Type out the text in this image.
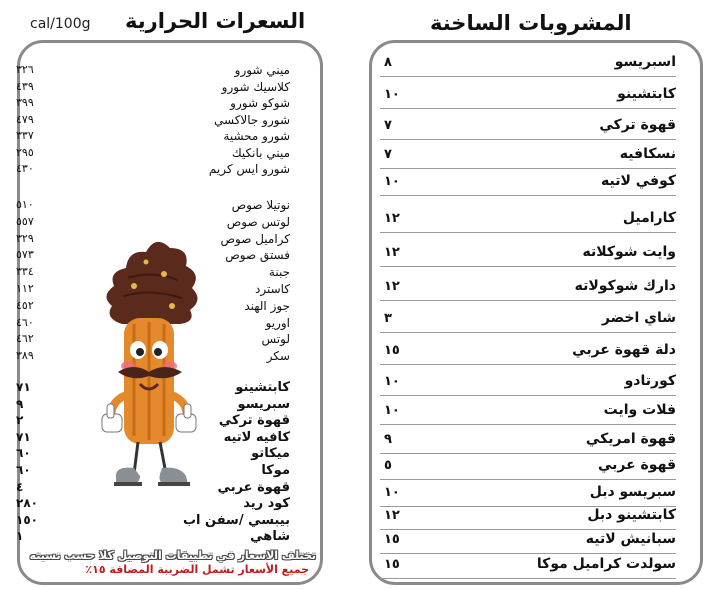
السعرات الحرارية
cal/100g	المشروبات الساخنة
٣٢٦	ميني شورو
٤٣٩	كلاسيك شورو
٣٩٩	شوكو شورو
٤٧٩	شورو جالاكسي
٣٣٧	شورو محشية
٢٩٥	ميني بانكيك
٤٣٠	شورو ايس كريم
٥١٠	نوتيلا صوص
٥٥٧	لوتس صوص
٣٢٩	كراميل صوص
٥٧٣	فستق صوص
٣٣٤	جبنة
١١٢	كاسترد
٤٥٢	جوز الهند
٤٦٠	اوريو
٤٦٢	لوتس
٣٨٩	سكر
٧١	كابتشينو
٩	سبريسو
٢	قهوة تركي
٧١	كافيه لاتيه
٦٠	ميكاتو
٦٠	موكا
٤	قهوة عربي
٢٨٠	كود ريد
١٥٠	بيبسي /سفن اب
١	شاهي
٨	اسبريسو
١٠	كابتشينو
٧	قهوة تركي
٧	نسكافيه
١٠	كوفي لاتيه
١٢	كاراميل
١٢	وايت شوكلاته
١٢	دارك شوكولاته
٣	شاي اخضر
١٥	دلة قهوة عربي
١٠	كورتادو
١٠	فلات وايت
٩	قهوة امريكي
٥	قهوة عربي
١٠	سبريسو دبل
١٢	كابتشينو دبل
١٥	سبانيش لاتيه
١٥	سولدت كراميل موكا
تختلف الاسعار في تطبيقات التوصيل كلا حسب نسبته
جميع الأسعار تشمل الضريبة المضافة ١٥٪
